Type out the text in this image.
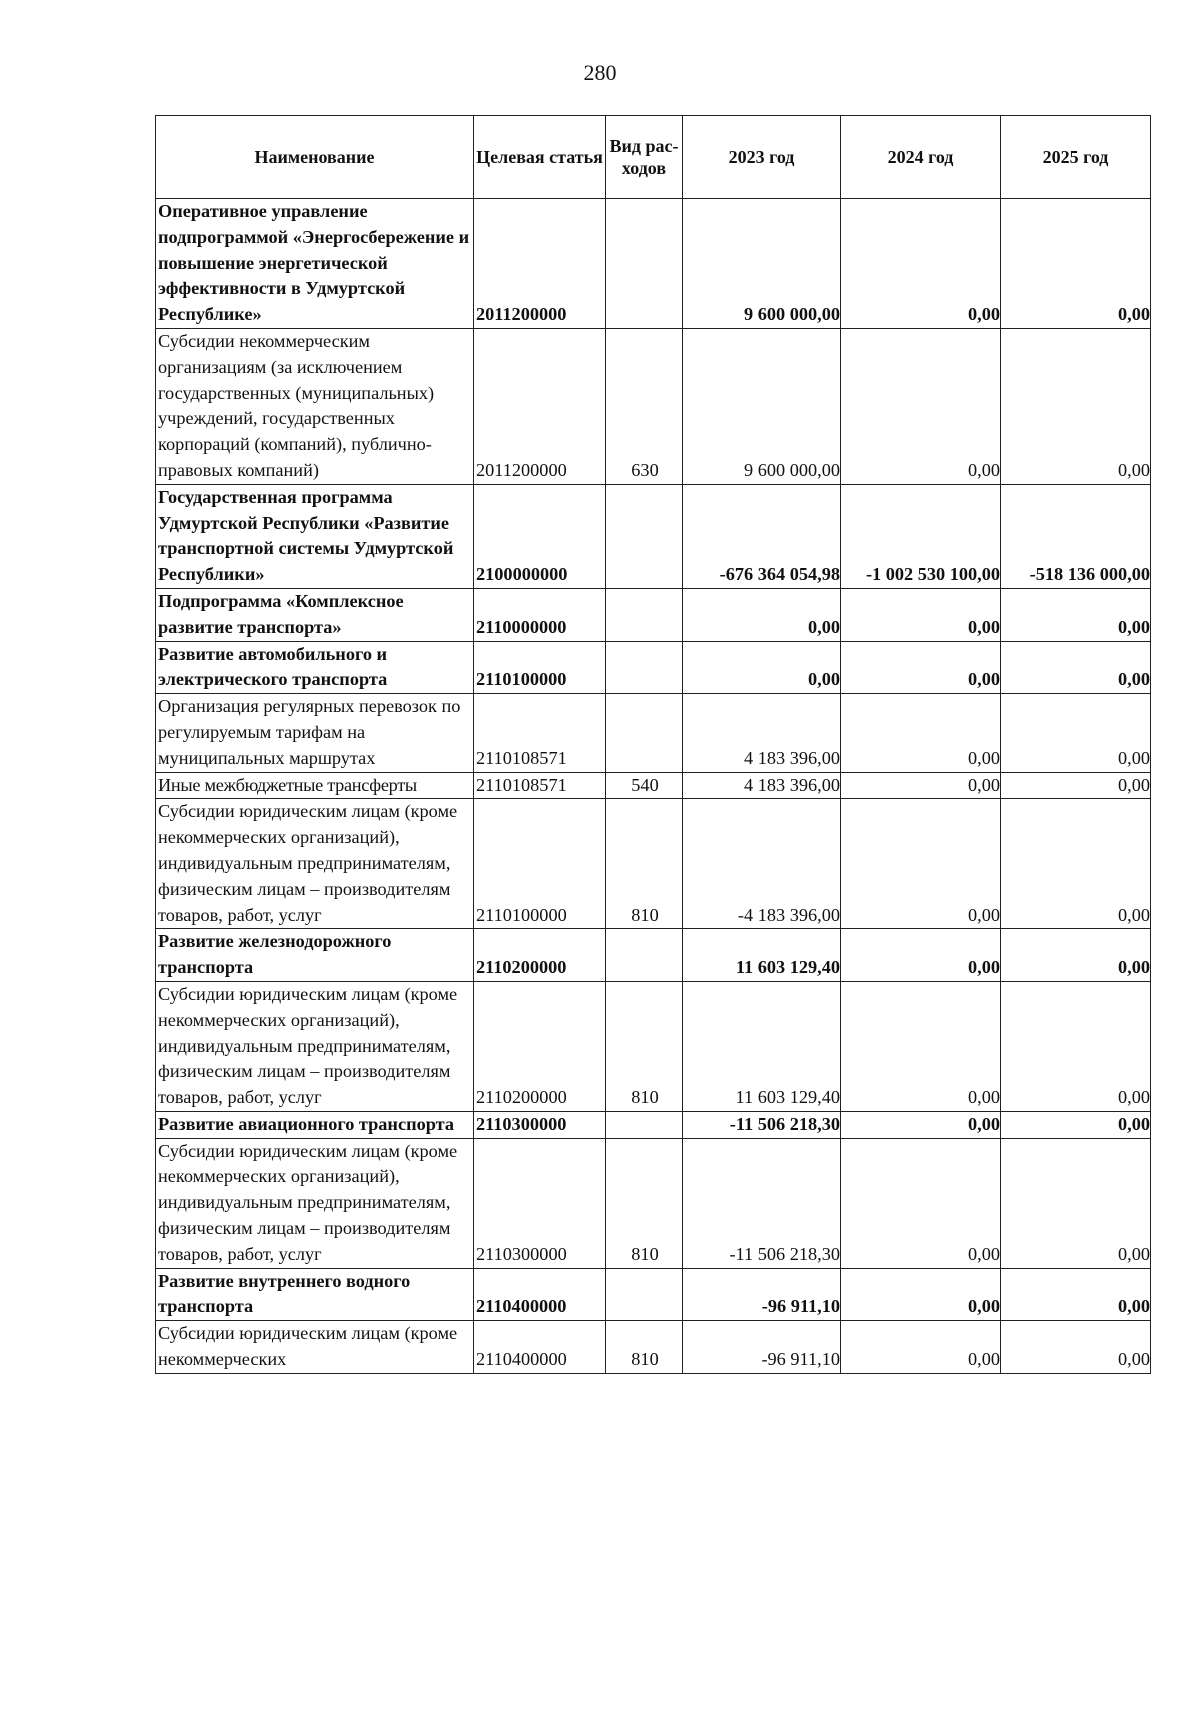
280
Наименование	Целевая статья	Вид рас-ходов	2023 год	2024 год	2025 год
Оперативное управление подпрограммой «Энергосбережение и повышение энергетической эффективности в Удмуртской Республике»	2011200000		9 600 000,00	0,00	0,00
Субсидии некоммерческим организациям (за исключением государственных (муниципальных) учреждений, государственных корпораций (компаний), публично-правовых компаний)	2011200000	630	9 600 000,00	0,00	0,00
Государственная программа Удмуртской Республики «Развитие транспортной системы Удмуртской Республики»	2100000000		-676 364 054,98	-1 002 530 100,00	-518 136 000,00
Подпрограмма «Комплексное развитие транспорта»	2110000000		0,00	0,00	0,00
Развитие автомобильного и электрического транспорта	2110100000		0,00	0,00	0,00
Организация регулярных перевозок по регулируемым тарифам на муниципальных маршрутах	2110108571		4 183 396,00	0,00	0,00
Иные межбюджетные трансферты	2110108571	540	4 183 396,00	0,00	0,00
Субсидии юридическим лицам (кроме некоммерческих организаций), индивидуальным предпринимателям, физическим лицам – производителям товаров, работ, услуг	2110100000	810	-4 183 396,00	0,00	0,00
Развитие железнодорожного транспорта	2110200000		11 603 129,40	0,00	0,00
Субсидии юридическим лицам (кроме некоммерческих организаций), индивидуальным предпринимателям, физическим лицам – производителям товаров, работ, услуг	2110200000	810	11 603 129,40	0,00	0,00
Развитие авиационного транспорта	2110300000		-11 506 218,30	0,00	0,00
Субсидии юридическим лицам (кроме некоммерческих организаций), индивидуальным предпринимателям, физическим лицам – производителям товаров, работ, услуг	2110300000	810	-11 506 218,30	0,00	0,00
Развитие внутреннего водного транспорта	2110400000		-96 911,10	0,00	0,00
Субсидии юридическим лицам (кроме некоммерческих	2110400000	810	-96 911,10	0,00	0,00
